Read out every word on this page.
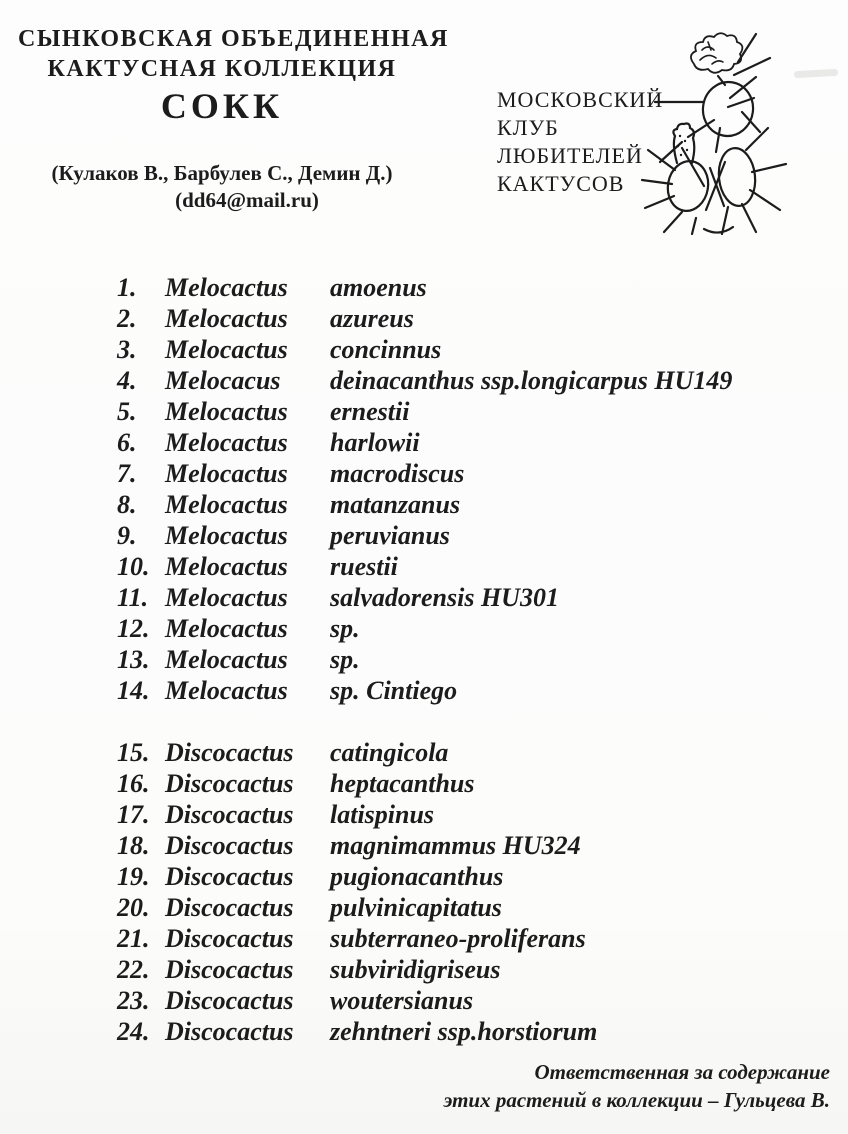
СЫНКОВСКАЯ ОБЪЕДИНЕННАЯ
КАКТУСНАЯ КОЛЛЕКЦИЯ
СОКК
(Кулаков В., Барбулев С., Демин Д.)
(dd64@mail.ru)
МОСКОВСКИЙ
КЛУБ
ЛЮБИТЕЛЕЙ
КАКТУСОВ
1.	Melocactus	amoenus
2.	Melocactus	azureus
3.	Melocactus	concinnus
4.	Melocacus	deinacanthus ssp.longicarpus HU149
5.	Melocactus	ernestii
6.	Melocactus	harlowii
7.	Melocactus	macrodiscus
8.	Melocactus	matanzanus
9.	Melocactus	peruvianus
10. Melocactus	ruestii
11. Melocactus	salvadorensis HU301
12. Melocactus	sp.
13. Melocactus	sp.
14. Melocactus	sp. Cintiego
15. Discocactus	catingicola
16. Discocactus	heptacanthus
17. Discocactus	latispinus
18. Discocactus	magnimammus HU324
19. Discocactus	pugionacanthus
20. Discocactus	pulvinicapitatus
21. Discocactus	subterraneo-proliferans
22. Discocactus	subviridigriseus
23. Discocactus	woutersianus
24. Discocactus	zehntneri ssp.horstiorum
Ответственная за содержание
этих растений в коллекции – Гульцева В.
